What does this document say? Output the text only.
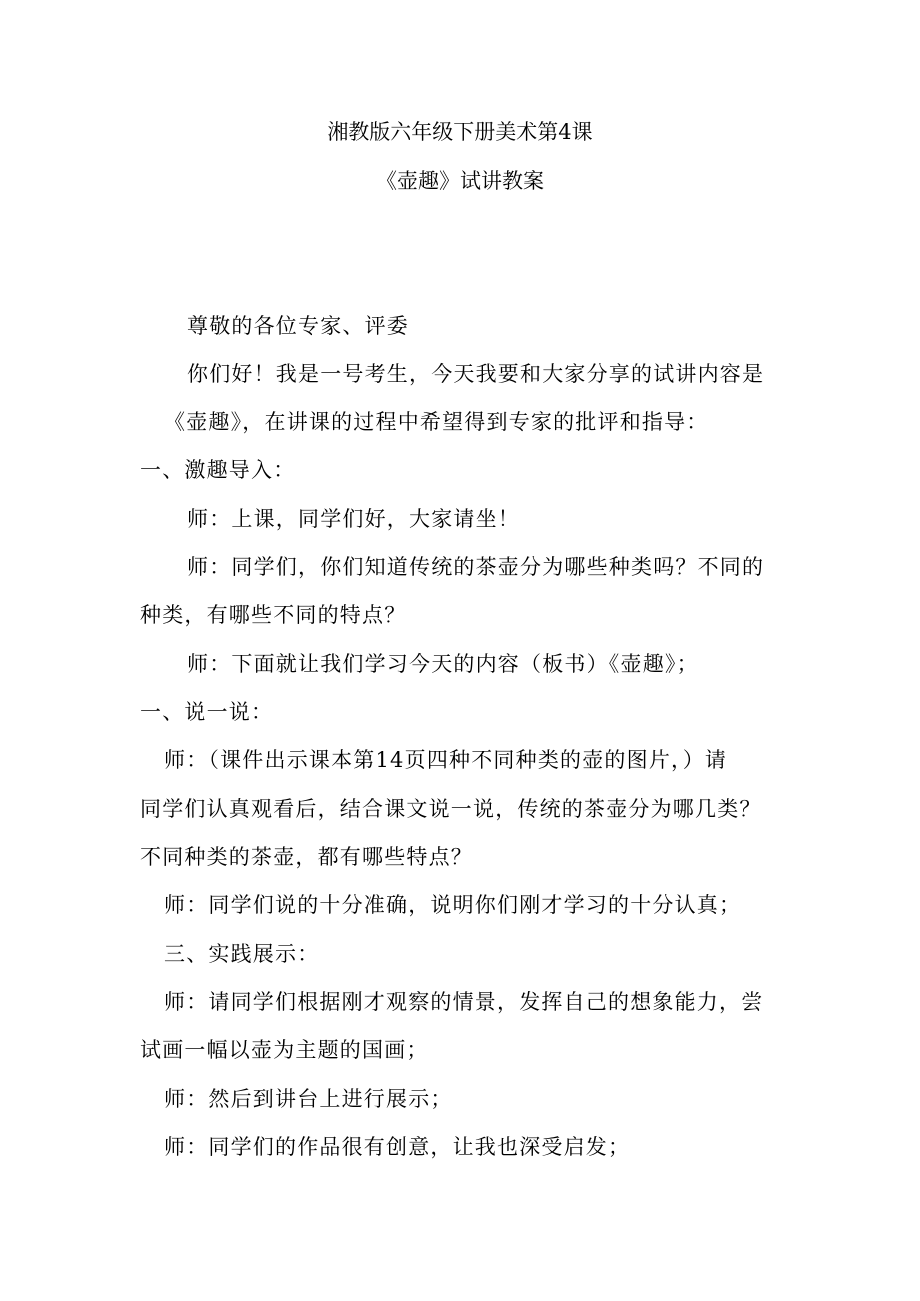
湘教版六年级下册美术第4课
《壶趣》试讲教案
尊敬的各位专家、评委
你们好！我是一号考生，今天我要和大家分享的试讲内容是
《壶趣》，在讲课的过程中希望得到专家的批评和指导：
一、激趣导入：
师：上课，同学们好，大家请坐！
师：同学们，你们知道传统的茶壶分为哪些种类吗？不同的
种类，有哪些不同的特点？
师：下面就让我们学习今天的内容（板书）《壶趣》；
一、说一说：
师：（课件出示课本第14页四种不同种类的壶的图片，）请
同学们认真观看后，结合课文说一说，传统的茶壶分为哪几类？
不同种类的茶壶，都有哪些特点？
师：同学们说的十分准确，说明你们刚才学习的十分认真；
三、实践展示：
师：请同学们根据刚才观察的情景，发挥自己的想象能力，尝
试画一幅以壶为主题的国画；
师：然后到讲台上进行展示；
师：同学们的作品很有创意，让我也深受启发；
